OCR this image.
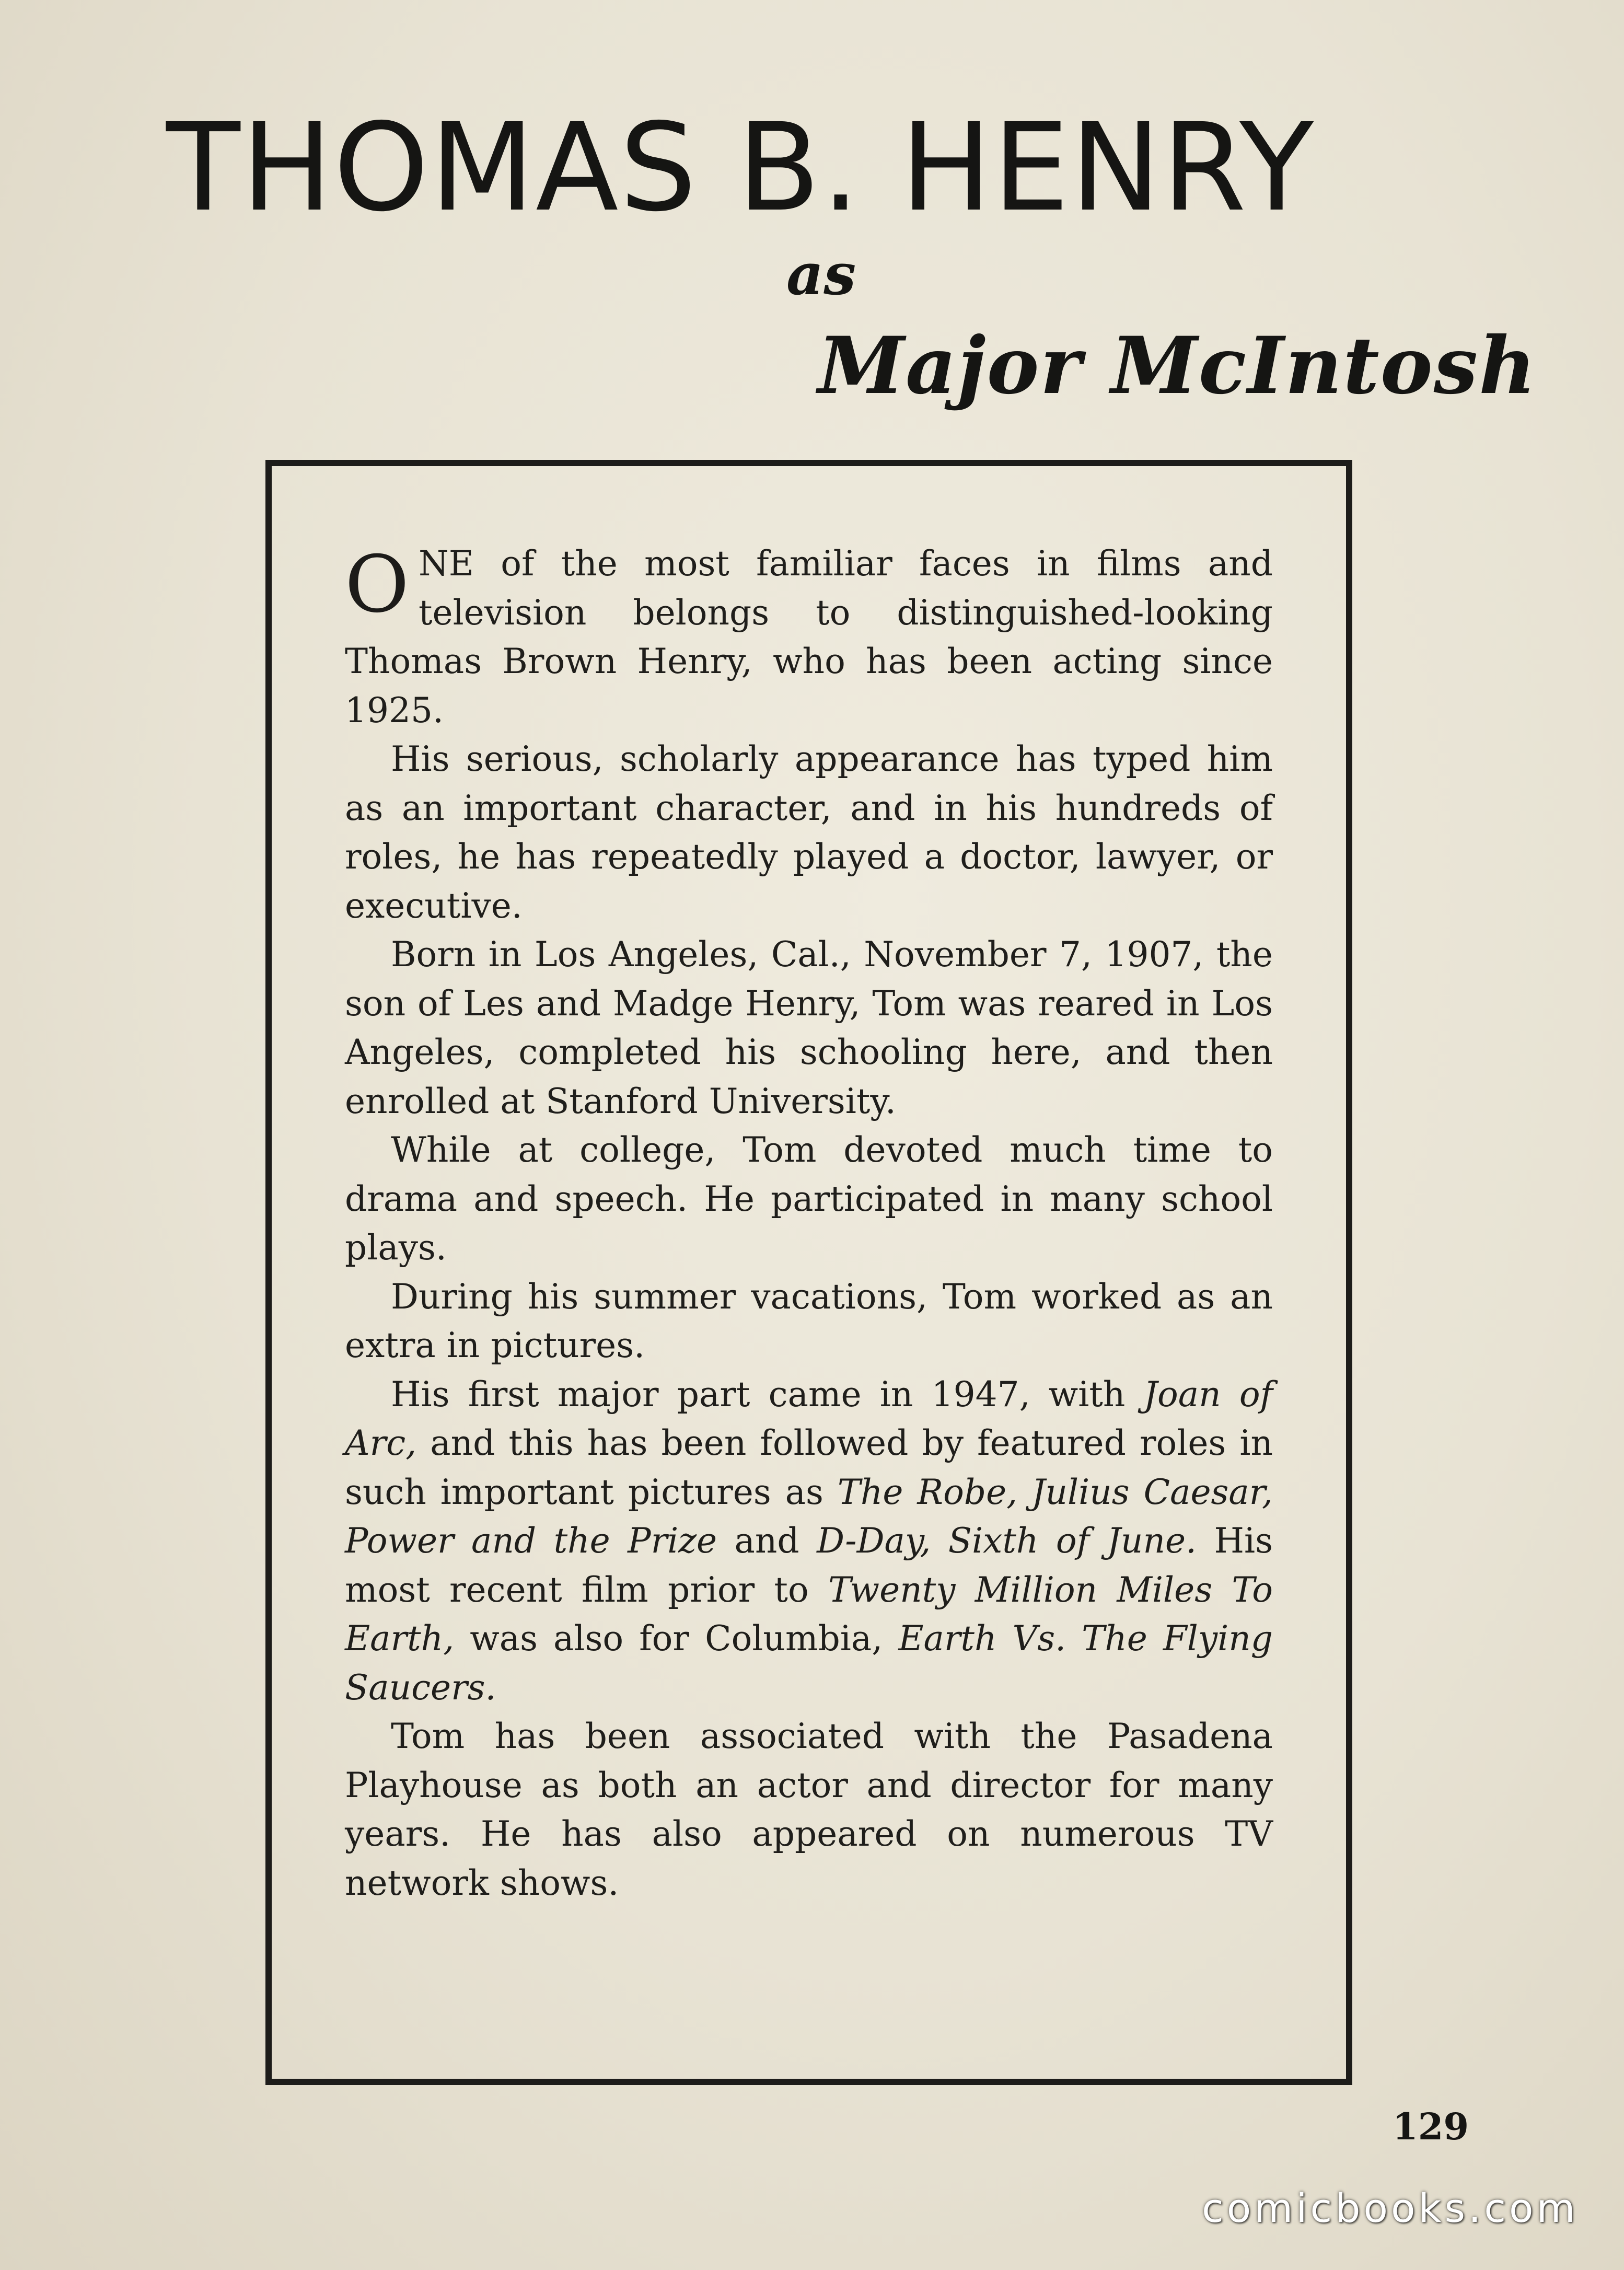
THOMAS B. HENRY
as
Major McIntosh

ONE of the most familiar faces in films and television belongs to distinguished-looking Thomas Brown Henry, who has been acting since 1925.

His serious, scholarly appearance has typed him as an important character, and in his hundreds of roles, he has repeatedly played a doctor, lawyer, or executive.

Born in Los Angeles, Cal., November 7, 1907, the son of Les and Madge Henry, Tom was reared in Los Angeles, completed his schooling here, and then enrolled at Stanford University.

While at college, Tom devoted much time to drama and speech. He participated in many school plays.

During his summer vacations, Tom worked as an extra in pictures.

His first major part came in 1947, with Joan of Arc, and this has been followed by featured roles in such important pictures as The Robe, Julius Caesar, Power and the Prize and D-Day, Sixth of June. His most recent film prior to Twenty Million Miles To Earth, was also for Columbia, Earth Vs. The Flying Saucers.

Tom has been associated with the Pasadena Playhouse as both an actor and director for many years. He has also appeared on numerous TV network shows.

129
comicbooks.com
